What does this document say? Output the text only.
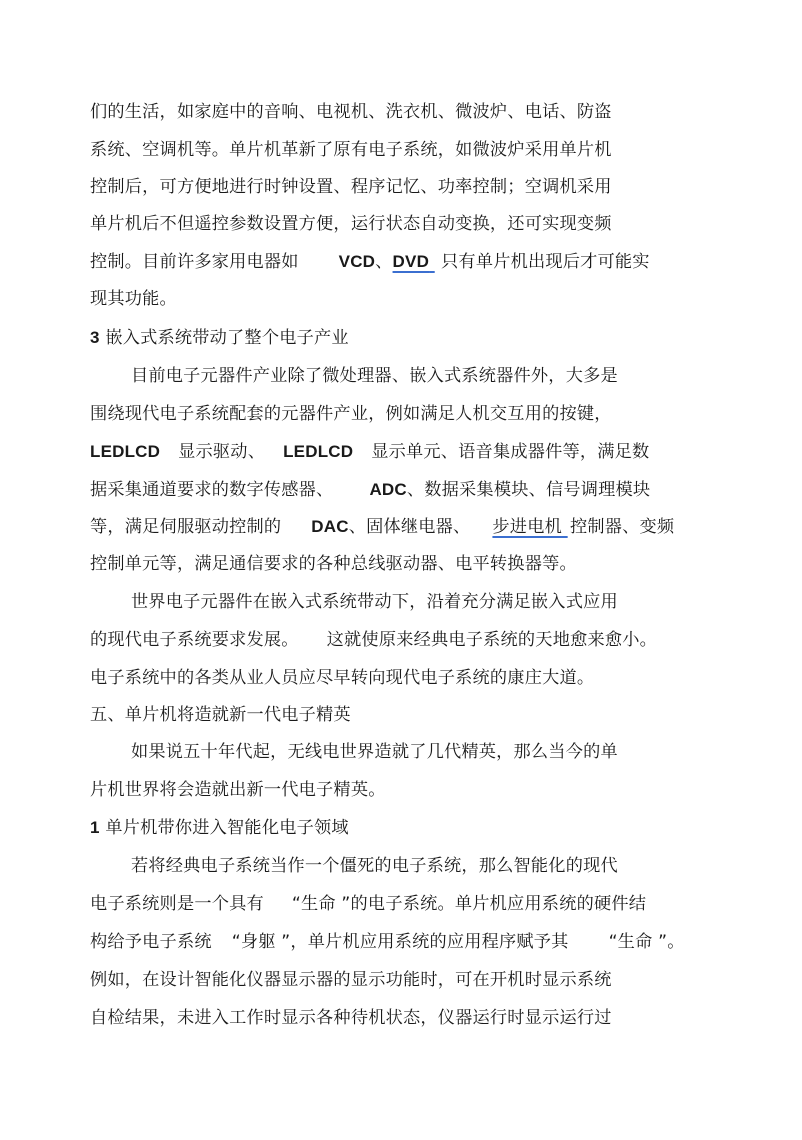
们的生活，如家庭中的音响、电视机、洗衣机、微波炉、电话、防盗
系统、空调机等。单片机革新了原有电子系统，如微波炉采用单片机
控制后，可方便地进行时钟设置、程序记忆、功率控制；空调机采用
单片机后不但遥控参数设置方便，运行状态自动变换，还可实现变频
控制。目前许多家用电器如 VCD、DVD 只有单片机出现后才可能实
现其功能。
3 嵌入式系统带动了整个电子产业
目前电子元器件产业除了微处理器、嵌入式系统器件外，大多是
围绕现代电子系统配套的元器件产业，例如满足人机交互用的按键，
LEDLCD 显示驱动、 LEDLCD 显示单元、语音集成器件等，满足数
据采集通道要求的数字传感器、 ADC、数据采集模块、信号调理模块
等，满足伺服驱动控制的 DAC、固体继电器、 步进电机 控制器、变频
控制单元等，满足通信要求的各种总线驱动器、电平转换器等。
世界电子元器件在嵌入式系统带动下，沿着充分满足嵌入式应用
的现代电子系统要求发展。 这就使原来经典电子系统的天地愈来愈小。
电子系统中的各类从业人员应尽早转向现代电子系统的康庄大道。
五、单片机将造就新一代电子精英
如果说五十年代起，无线电世界造就了几代精英，那么当今的单
片机世界将会造就出新一代电子精英。
1 单片机带你进入智能化电子领域
若将经典电子系统当作一个僵死的电子系统，那么智能化的现代
电子系统则是一个具有 “生命 ”的电子系统。单片机应用系统的硬件结
构给予电子系统 “身躯 ”，单片机应用系统的应用程序赋予其 “生命 ”。
例如，在设计智能化仪器显示器的显示功能时，可在开机时显示系统
自检结果，未进入工作时显示各种待机状态，仪器运行时显示运行过
